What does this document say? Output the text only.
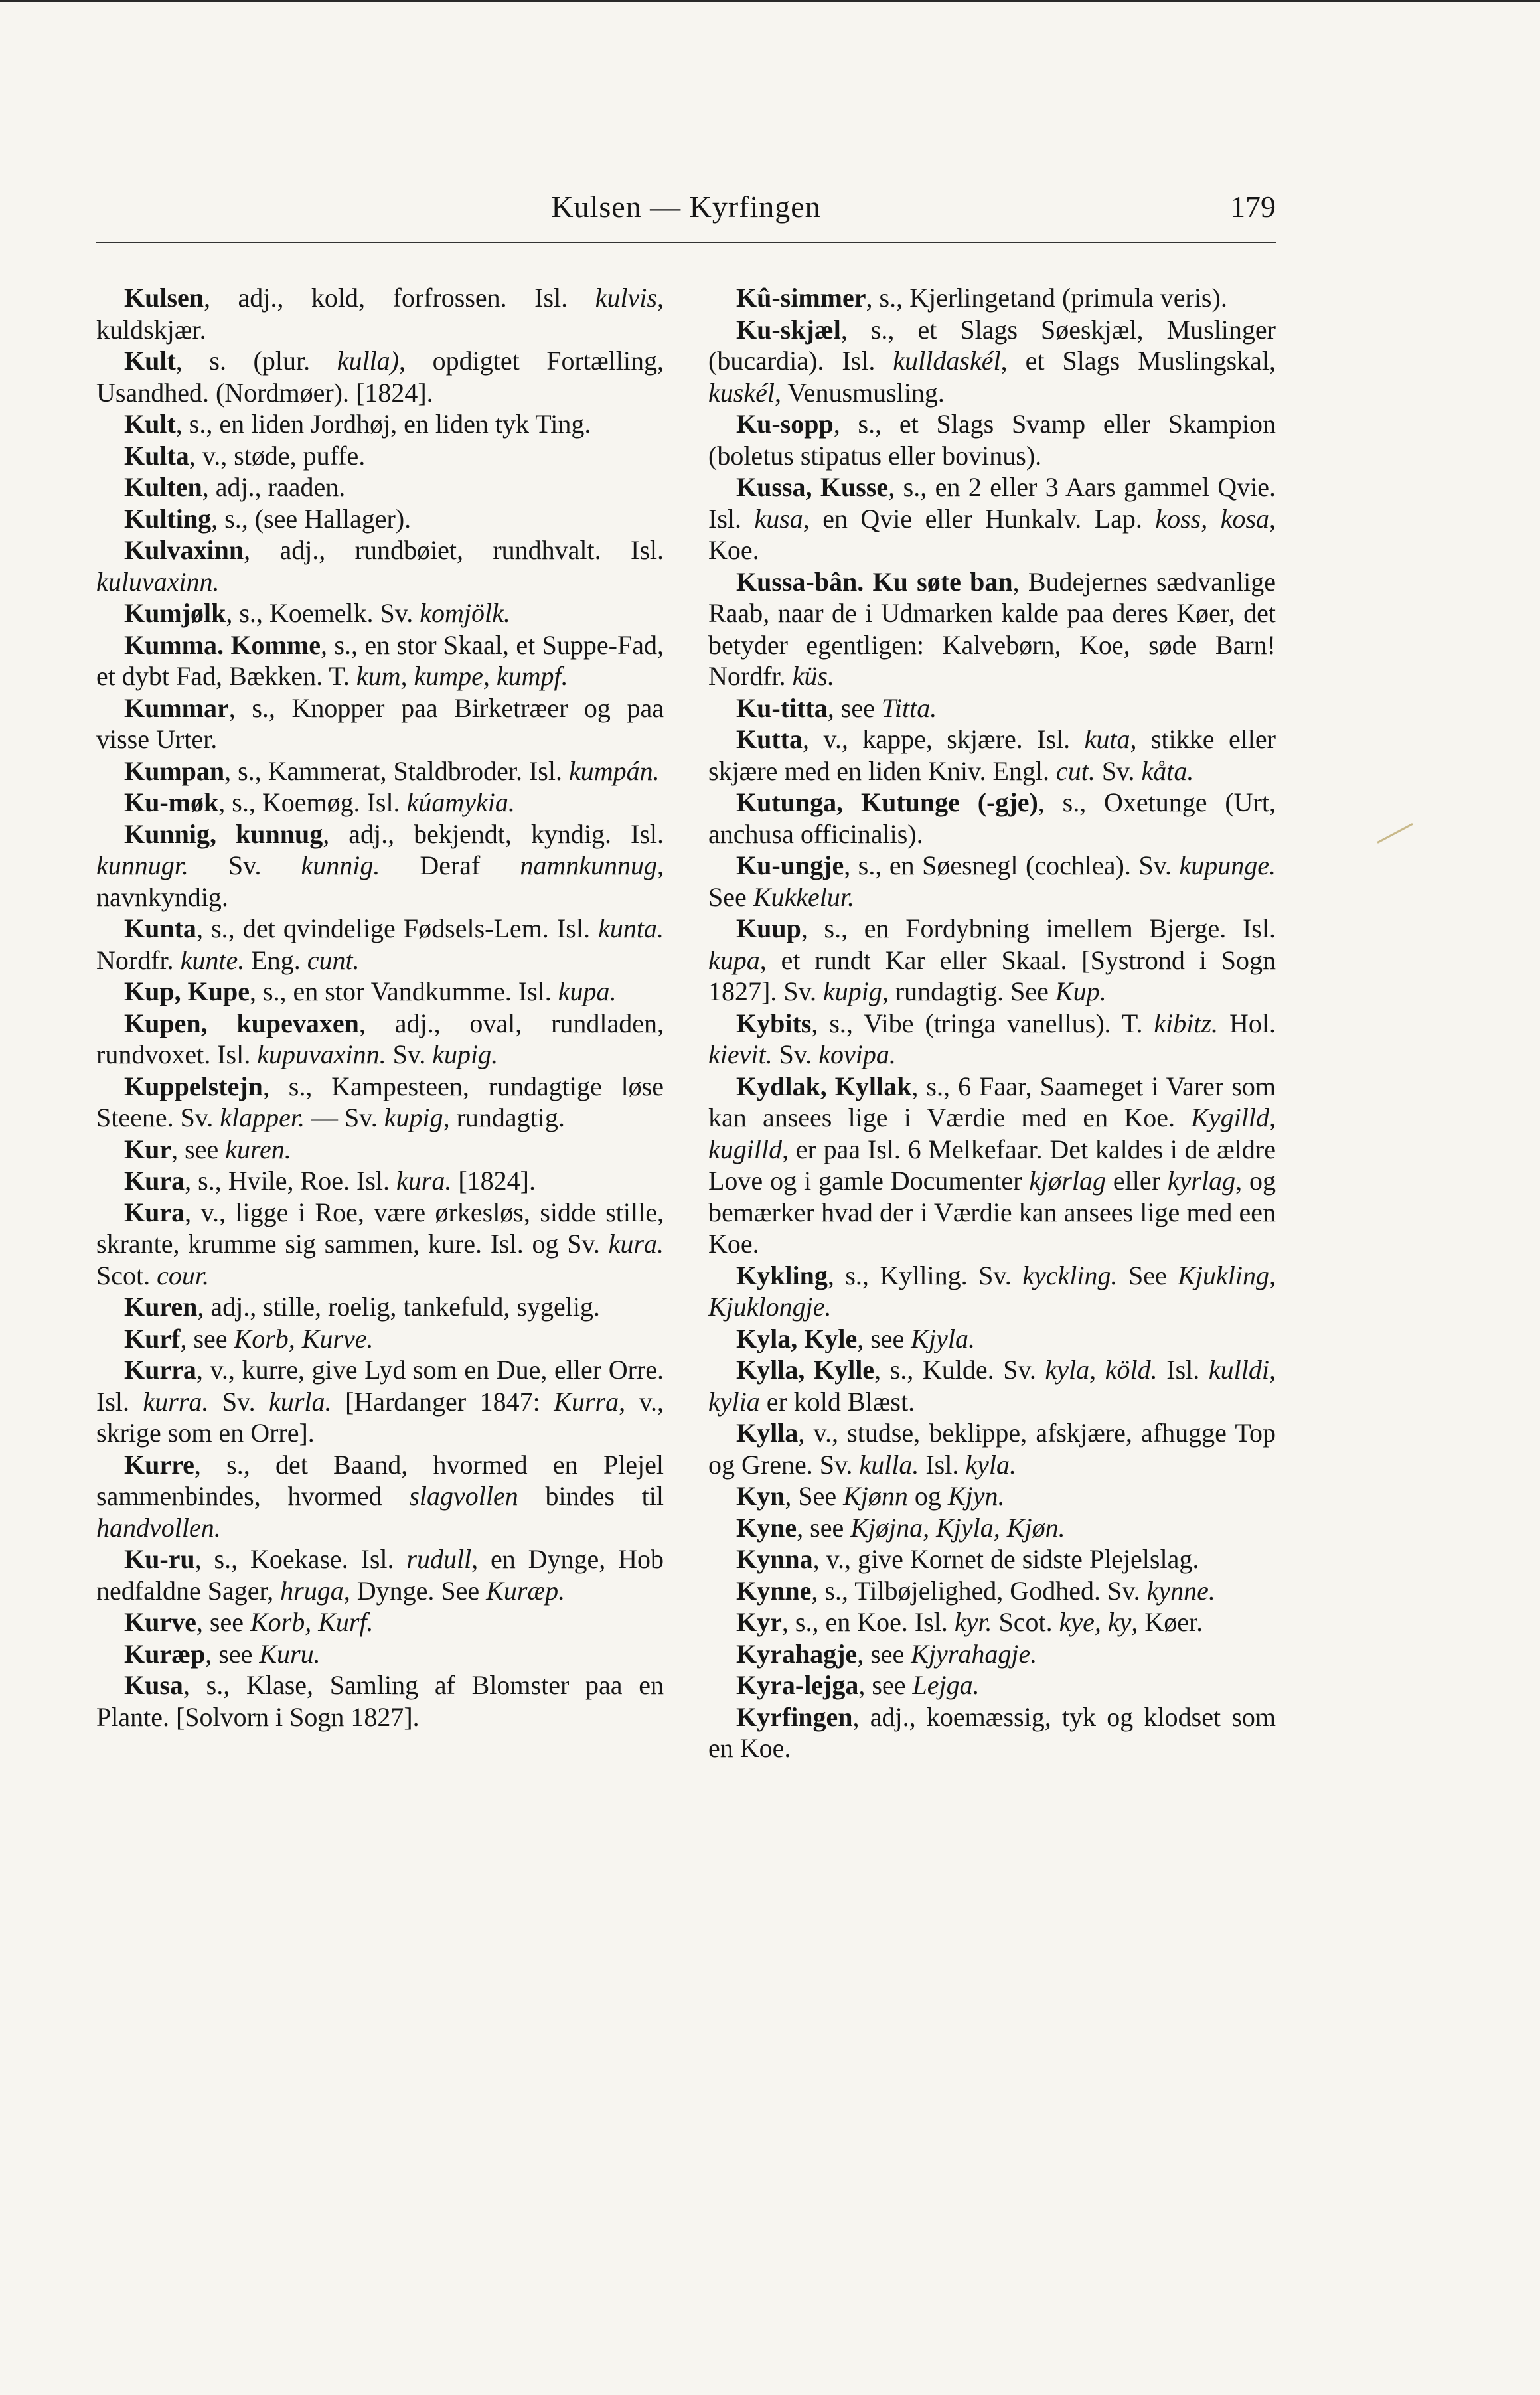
Kulsen — Kyrfingen	179

Kulsen, adj., kold, forfrossen. Isl. kulvis, kuldskjær.

Kult, s. (plur. kulla), opdigtet Fortælling, Usandhed. (Nordmøer). [1824].

Kult, s., en liden Jordhøj, en liden tyk Ting.

Kulta, v., støde, puffe.

Kulten, adj., raaden.

Kulting, s., (see Hallager).

Kulvaxinn, adj., rundbøiet, rundhvalt. Isl. kuluvaxinn.

Kumjølk, s., Koemelk. Sv. komjölk.

Kumma. Komme, s., en stor Skaal, et Suppe-Fad, et dybt Fad, Bækken. T. kum, kumpe, kumpf.

Kummar, s., Knopper paa Birketræer og paa visse Urter.

Kumpan, s., Kammerat, Staldbroder. Isl. kumpán.

Ku-møk, s., Koemøg. Isl. kúamykia.

Kunnig, kunnug, adj., bekjendt, kyndig. Isl. kunnugr. Sv. kunnig. Deraf namnkunnug, navnkyndig.

Kunta, s., det qvindelige Fødsels-Lem. Isl. kunta. Nordfr. kunte. Eng. cunt.

Kup, Kupe, s., en stor Vandkumme. Isl. kupa.

Kupen, kupevaxen, adj., oval, rundladen, rundvoxet. Isl. kupuvaxinn. Sv. kupig.

Kuppelstejn, s., Kampesteen, rundagtige løse Steene. Sv. klapper. — Sv. kupig, rundagtig.

Kur, see kuren.

Kura, s., Hvile, Roe. Isl. kura. [1824].

Kura, v., ligge i Roe, være ørkesløs, sidde stille, skrante, krumme sig sammen, kure. Isl. og Sv. kura. Scot. cour.

Kuren, adj., stille, roelig, tankefuld, sygelig.

Kurf, see Korb, Kurve.

Kurra, v., kurre, give Lyd som en Due, eller Orre. Isl. kurra. Sv. kurla. [Hardanger 1847: Kurra, v., skrige som en Orre].

Kurre, s., det Baand, hvormed en Plejel sammenbindes, hvormed slagvollen bindes til handvollen.

Ku-ru, s., Koekase. Isl. rudull, en Dynge, Hob nedfaldne Sager, hruga, Dynge. See Kuræp.

Kurve, see Korb, Kurf.

Kuræp, see Kuru.

Kusa, s., Klase, Samling af Blomster paa en Plante. [Solvorn i Sogn 1827].

Kû-simmer, s., Kjerlingetand (primula veris).

Ku-skjæl, s., et Slags Søeskjæl, Muslinger (bucardia). Isl. kulldaskél, et Slags Muslingskal, kuskél, Venusmusling.

Ku-sopp, s., et Slags Svamp eller Skampion (boletus stipatus eller bovinus).

Kussa, Kusse, s., en 2 eller 3 Aars gammel Qvie. Isl. kusa, en Qvie eller Hunkalv. Lap. koss, kosa, Koe.

Kussa-bân. Ku søte ban, Budejernes sædvanlige Raab, naar de i Udmarken kalde paa deres Køer, det betyder egentligen: Kalvebørn, Koe, søde Barn! Nordfr. küs.

Ku-titta, see Titta.

Kutta, v., kappe, skjære. Isl. kuta, stikke eller skjære med en liden Kniv. Engl. cut. Sv. kåta.

Kutunga, Kutunge (-gje), s., Oxetunge (Urt, anchusa officinalis).

Ku-ungje, s., en Søesnegl (cochlea). Sv. kupunge. See Kukkelur.

Kuup, s., en Fordybning imellem Bjerge. Isl. kupa, et rundt Kar eller Skaal. [Systrond i Sogn 1827]. Sv. kupig, rundagtig. See Kup.

Kybits, s., Vibe (tringa vanellus). T. kibitz. Hol. kievit. Sv. kovipa.

Kydlak, Kyllak, s., 6 Faar, Saameget i Varer som kan ansees lige i Værdie med en Koe. Kygilld, kugilld, er paa Isl. 6 Melkefaar. Det kaldes i de ældre Love og i gamle Documenter kjørlag eller kyrlag, og bemærker hvad der i Værdie kan ansees lige med een Koe.

Kykling, s., Kylling. Sv. kyckling. See Kjukling, Kjuklongje.

Kyla, Kyle, see Kjyla.

Kylla, Kylle, s., Kulde. Sv. kyla, köld. Isl. kulldi, kylia er kold Blæst.

Kylla, v., studse, beklippe, afskjære, afhugge Top og Grene. Sv. kulla. Isl. kyla.

Kyn, See Kjønn og Kjyn.

Kyne, see Kjøjna, Kjyla, Kjøn.

Kynna, v., give Kornet de sidste Plejelslag.

Kynne, s., Tilbøjelighed, Godhed. Sv. kynne.

Kyr, s., en Koe. Isl. kyr. Scot. kye, ky, Køer.

Kyrahagje, see Kjyrahagje.

Kyra-lejga, see Lejga.

Kyrfingen, adj., koemæssig, tyk og klodset som en Koe.
